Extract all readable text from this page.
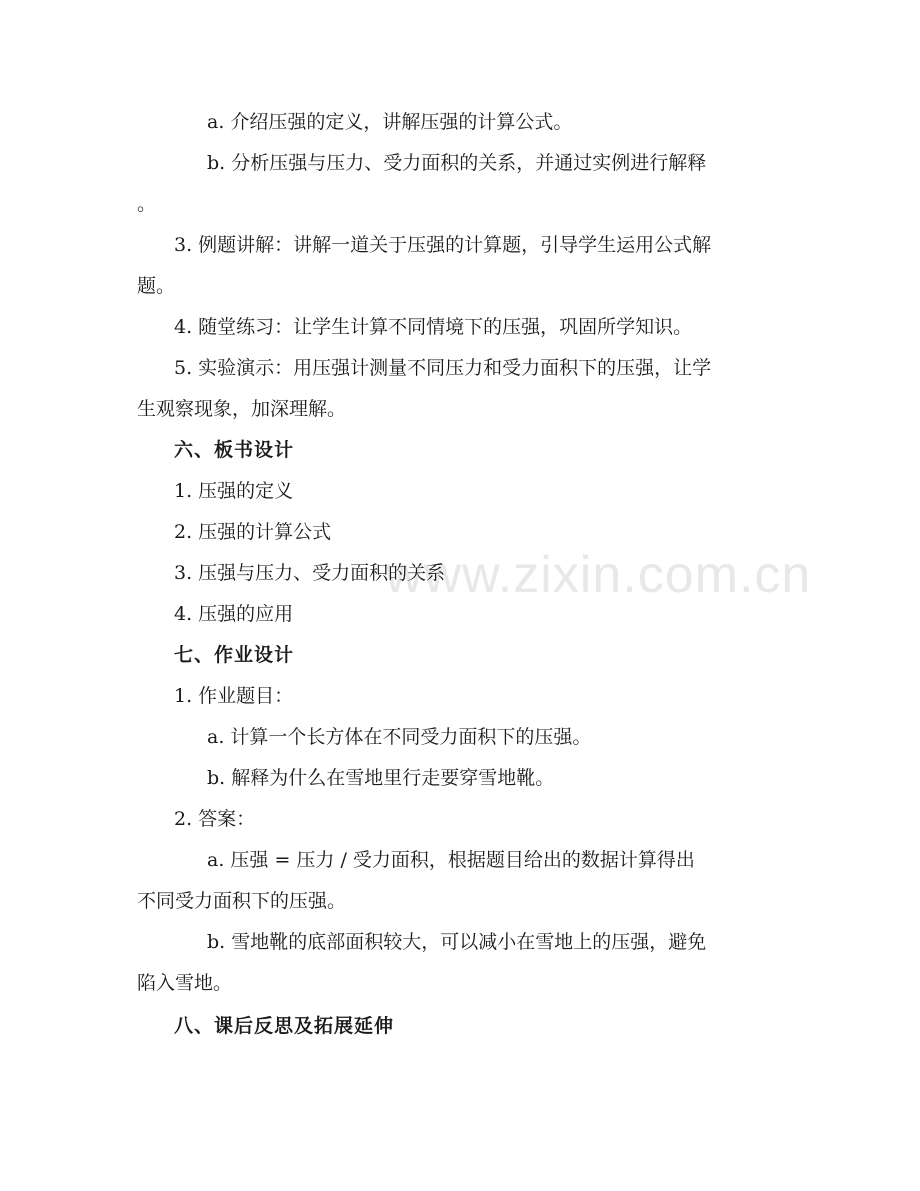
www.zixin.com.cn
a. 介绍压强的定义，讲解压强的计算公式。
b. 分析压强与压力、受力面积的关系，并通过实例进行解释
。
3. 例题讲解：讲解一道关于压强的计算题，引导学生运用公式解
题。
4. 随堂练习：让学生计算不同情境下的压强，巩固所学知识。
5. 实验演示：用压强计测量不同压力和受力面积下的压强，让学
生观察现象，加深理解。
六、板书设计
1. 压强的定义
2. 压强的计算公式
3. 压强与压力、受力面积的关系
4. 压强的应用
七、作业设计
1. 作业题目：
a. 计算一个长方体在不同受力面积下的压强。
b. 解释为什么在雪地里行走要穿雪地靴。
2. 答案：
a. 压强 = 压力 / 受力面积，根据题目给出的数据计算得出
不同受力面积下的压强。
b. 雪地靴的底部面积较大，可以减小在雪地上的压强，避免
陷入雪地。
八、课后反思及拓展延伸
